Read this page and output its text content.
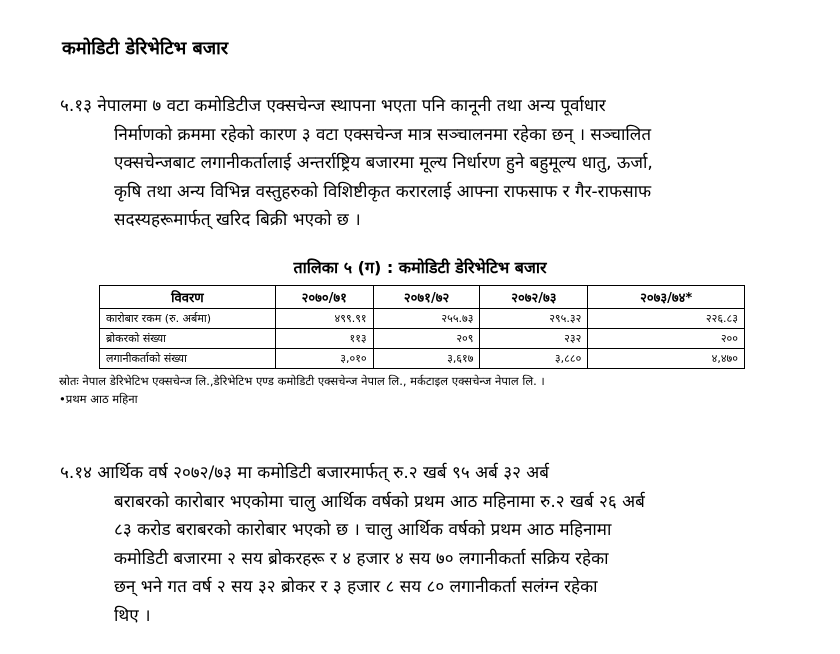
कमोडिटी डेरिभेटिभ बजार
५.१३ नेपालमा ७ वटा कमोडिटीज एक्सचेन्ज स्थापना भएता पनि कानूनी तथा अन्य पूर्वाधार
निर्माणको क्रममा रहेको कारण ३ वटा एक्सचेन्ज मात्र सञ्चालनमा रहेका छन् । सञ्चालित
एक्सचेन्जबाट लगानीकर्तालाई अन्तर्राष्ट्रिय बजारमा मूल्य निर्धारण हुने बहुमूल्य धातु, ऊर्जा,
कृषि तथा अन्य विभिन्न वस्तुहरुको विशिष्टीकृत करारलाई आफ्ना राफसाफ र गैर-राफसाफ
सदस्यहरूमार्फत् खरिद बिक्री भएको छ ।
तालिका ५ (ग) : कमोडिटी डेरिभेटिभ बजार
विवरण	२०७०/७१	२०७१/७२	२०७२/७३	२०७३/७४*
कारोबार रकम (रु. अर्बमा)	४९९.९१	२५५.७३	२९५.३२	२२६.८३
ब्रोकरको संख्या	११३	२०९	२३२	२००
लगानीकर्ताको संख्या	३,०१०	३,६१७	३,८८०	४,४७०
स्रोतः नेपाल डेरिभेटिभ एक्सचेन्ज लि.,डेरिभेटिभ एण्ड कमोडिटी एक्सचेन्ज नेपाल लि., मर्कटाइल एक्सचेन्ज नेपाल लि. ।
•प्रथम आठ महिना
५.१४ आर्थिक वर्ष २०७२/७३ मा कमोडिटी बजारमार्फत् रु.२ खर्ब ९५ अर्ब ३२ अर्ब
बराबरको कारोबार भएकोमा चालु आर्थिक वर्षको प्रथम आठ महिनामा रु.२ खर्ब २६ अर्ब
८३ करोड बराबरको कारोबार भएको छ । चालु आर्थिक वर्षको प्रथम आठ महिनामा
कमोडिटी बजारमा २ सय ब्रोकरहरू र ४ हजार ४ सय ७० लगानीकर्ता सक्रिय रहेका
छन् भने गत वर्ष २ सय ३२ ब्रोकर र ३ हजार ८ सय ८० लगानीकर्ता सलंग्न रहेका
थिए ।
